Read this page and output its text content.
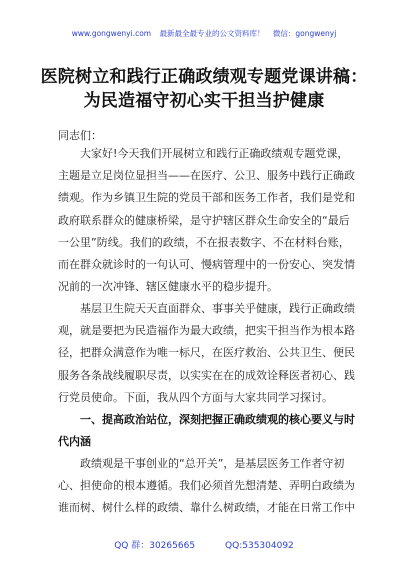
www.gongwenyi.com 最新最全最专业的公文资料库！ 微信：gongwenyj
医院树立和践行正确政绩观专题党课讲稿：
为民造福守初心实干担当护健康
同志们：
大家好!今天我们开展树立和践行正确政绩观专题党课，
主题是立足岗位显担当——在医疗、公卫、服务中践行正确政
绩观。作为乡镇卫生院的党员干部和医务工作者，我们是党和
政府联系群众的健康桥梁，是守护辖区群众生命安全的“最后
一公里”防线。我们的政绩，不在报表数字、不在材料台账，
而在群众就诊时的一句认可、慢病管理中的一份安心、突发情
况前的一次冲锋、辖区健康水平的稳步提升。
基层卫生院天天直面群众、事事关乎健康，践行正确政绩
观，就是要把为民造福作为最大政绩，把实干担当作为根本路
径，把群众满意作为唯一标尺，在医疗救治、公共卫生、便民
服务各条战线履职尽责，以实实在在的成效诠释医者初心、践
行党员使命。下面，我从四个方面与大家共同学习探讨。
一、提高政治站位，深刻把握正确政绩观的核心要义与时
代内涵
政绩观是干事创业的“总开关”，是基层医务工作者守初
心、担使命的根本遵循。我们必须首先想清楚、弄明白政绩为
谁而树、树什么样的政绩、靠什么树政绩，才能在日常工作中
QQ 群：30265665	QQ:535304092
